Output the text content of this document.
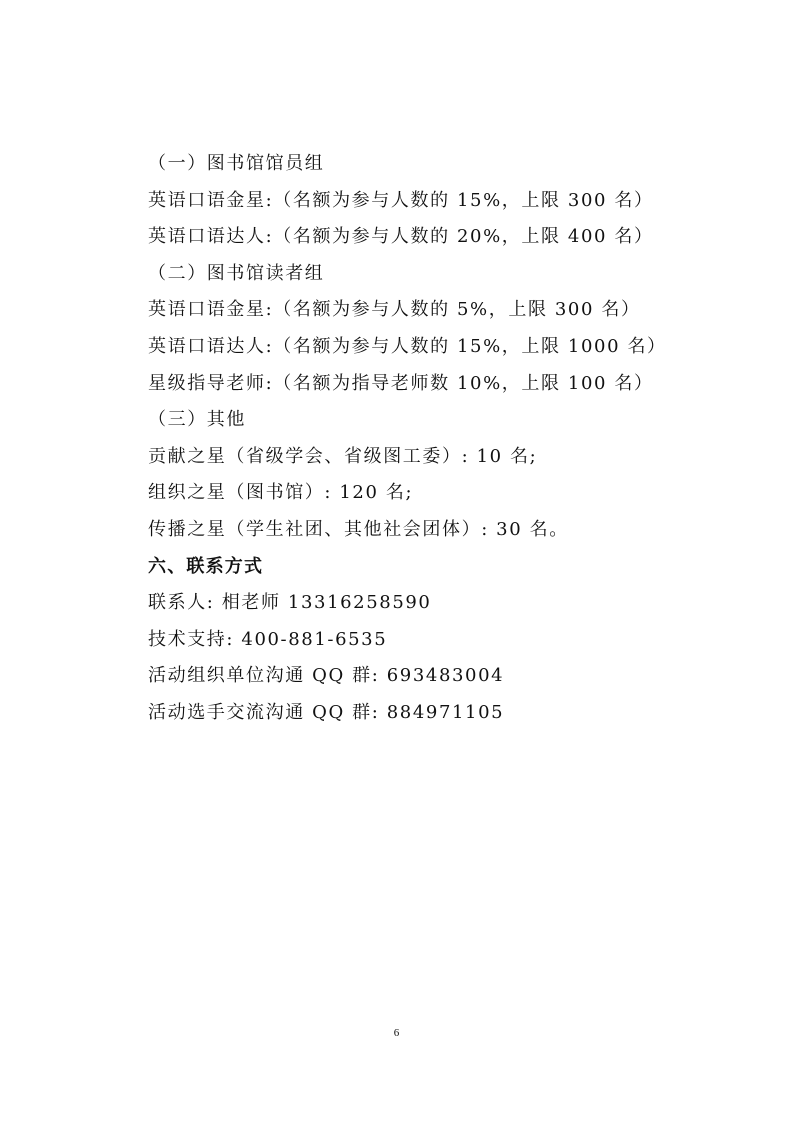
（一）图书馆馆员组
英语口语金星:（名额为参与人数的 15%，上限 300 名）
英语口语达人:（名额为参与人数的 20%，上限 400 名）
（二）图书馆读者组
英语口语金星:（名额为参与人数的 5%，上限 300 名）
英语口语达人:（名额为参与人数的 15%，上限 1000 名）
星级指导老师:（名额为指导老师数 10%，上限 100 名）
（三）其他
贡献之星（省级学会、省级图工委）: 10 名;
组织之星（图书馆）: 120 名;
传播之星（学生社团、其他社会团体）: 30 名。
六、联系方式
联系人: 相老师 13316258590
技术支持: 400-881-6535
活动组织单位沟通 QQ 群: 693483004
活动选手交流沟通 QQ 群: 884971105
6
